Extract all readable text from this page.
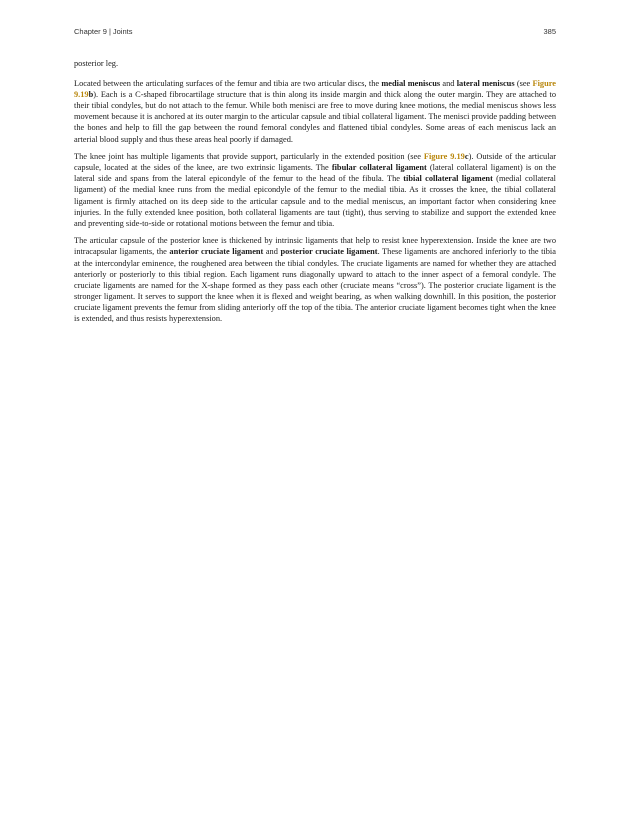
Chapter 9 | Joints	385

posterior leg.

Located between the articulating surfaces of the femur and tibia are two articular discs, the medial meniscus and lateral meniscus (see Figure 9.19b). Each is a C-shaped fibrocartilage structure that is thin along its inside margin and thick along the outer margin. They are attached to their tibial condyles, but do not attach to the femur. While both menisci are free to move during knee motions, the medial meniscus shows less movement because it is anchored at its outer margin to the articular capsule and tibial collateral ligament. The menisci provide padding between the bones and help to fill the gap between the round femoral condyles and flattened tibial condyles. Some areas of each meniscus lack an arterial blood supply and thus these areas heal poorly if damaged.

The knee joint has multiple ligaments that provide support, particularly in the extended position (see Figure 9.19c). Outside of the articular capsule, located at the sides of the knee, are two extrinsic ligaments. The fibular collateral ligament (lateral collateral ligament) is on the lateral side and spans from the lateral epicondyle of the femur to the head of the fibula. The tibial collateral ligament (medial collateral ligament) of the medial knee runs from the medial epicondyle of the femur to the medial tibia. As it crosses the knee, the tibial collateral ligament is firmly attached on its deep side to the articular capsule and to the medial meniscus, an important factor when considering knee injuries. In the fully extended knee position, both collateral ligaments are taut (tight), thus serving to stabilize and support the extended knee and preventing side-to-side or rotational motions between the femur and tibia.

The articular capsule of the posterior knee is thickened by intrinsic ligaments that help to resist knee hyperextension. Inside the knee are two intracapsular ligaments, the anterior cruciate ligament and posterior cruciate ligament. These ligaments are anchored inferiorly to the tibia at the intercondylar eminence, the roughened area between the tibial condyles. The cruciate ligaments are named for whether they are attached anteriorly or posteriorly to this tibial region. Each ligament runs diagonally upward to attach to the inner aspect of a femoral condyle. The cruciate ligaments are named for the X-shape formed as they pass each other (cruciate means “cross”). The posterior cruciate ligament is the stronger ligament. It serves to support the knee when it is flexed and weight bearing, as when walking downhill. In this position, the posterior cruciate ligament prevents the femur from sliding anteriorly off the top of the tibia. The anterior cruciate ligament becomes tight when the knee is extended, and thus resists hyperextension.
